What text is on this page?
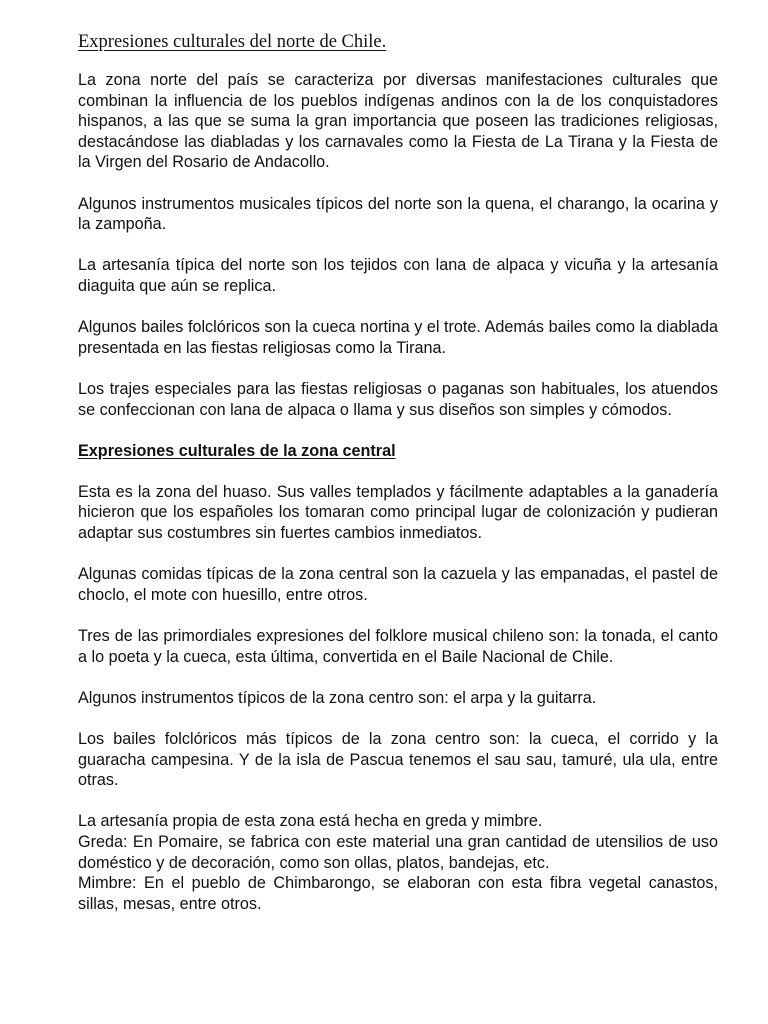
Expresiones culturales del norte de Chile.

La zona norte del país se caracteriza por diversas manifestaciones culturales que combinan la influencia de los pueblos indígenas andinos con la de los conquistadores hispanos, a las que se suma la gran importancia que poseen las tradiciones religiosas, destacándose las diabladas y los carnavales como la Fiesta de La Tirana y la Fiesta de la Virgen del Rosario de Andacollo.

Algunos instrumentos musicales típicos del norte son la quena, el charango, la ocarina y la zampoña.

La artesanía típica del norte son los tejidos con lana de alpaca y vicuña y la artesanía diaguita que aún se replica.

Algunos bailes folclóricos son la cueca nortina y el trote. Además bailes como la diablada presentada en las fiestas religiosas como la Tirana.

Los trajes especiales para las fiestas religiosas o paganas son habituales, los atuendos se confeccionan con lana de alpaca o llama y sus diseños son simples y cómodos.

Expresiones culturales de la zona central

Esta es la zona del huaso. Sus valles templados y fácilmente adaptables a la ganadería hicieron que los españoles los tomaran como principal lugar de colonización y pudieran adaptar sus costumbres sin fuertes cambios inmediatos.

Algunas comidas típicas de la zona central son la cazuela y las empanadas, el pastel de choclo, el mote con huesillo, entre otros.

Tres de las primordiales expresiones del folklore musical chileno son: la tonada, el canto a lo poeta y la cueca, esta última, convertida en el Baile Nacional de Chile.

Algunos instrumentos típicos de la zona centro son: el arpa y la guitarra.

Los bailes folclóricos más típicos de la zona centro son: la cueca, el corrido y la guaracha campesina. Y de la isla de Pascua tenemos el sau sau, tamuré, ula ula, entre otras.

La artesanía propia de esta zona está hecha en greda y mimbre.

Greda: En Pomaire, se fabrica con este material una gran cantidad de utensilios de uso doméstico y de decoración, como son ollas, platos, bandejas, etc.

Mimbre: En el pueblo de Chimbarongo, se elaboran con esta fibra vegetal canastos, sillas, mesas, entre otros.
